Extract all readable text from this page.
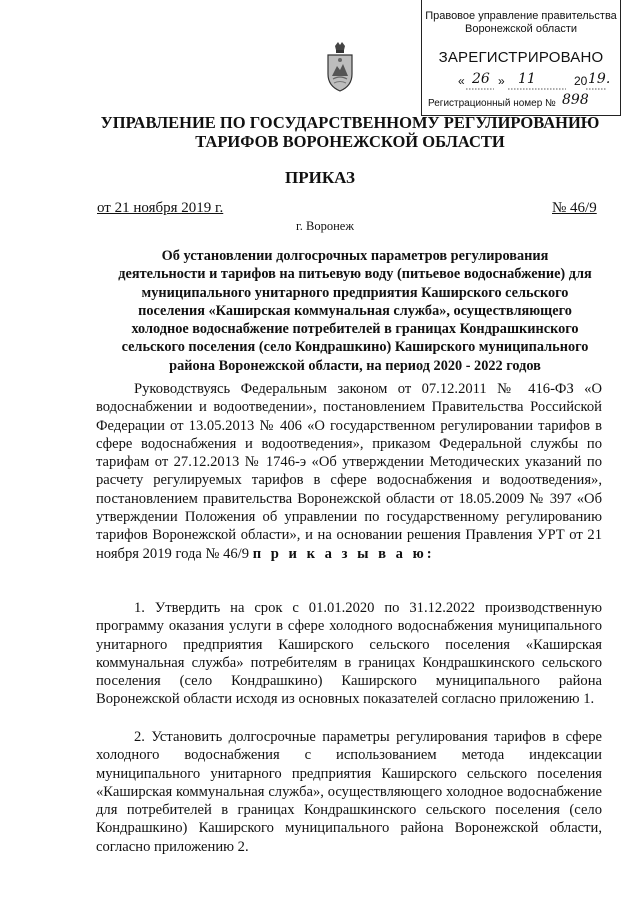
Правовое управление правительства
Воронежской области
ЗАРЕГИСТРИРОВАНО
« 26 » 11	20 19.
Регистрационный номер № 898
УПРАВЛЕНИЕ ПО ГОСУДАРСТВЕННОМУ РЕГУЛИРОВАНИЮ
ТАРИФОВ ВОРОНЕЖСКОЙ ОБЛАСТИ
ПРИКАЗ
от 21 ноября 2019 г.	№ 46/9
г. Воронеж
Об установлении долгосрочных параметров регулирования
деятельности и тарифов на питьевую воду (питьевое водоснабжение) для
муниципального унитарного предприятия Каширского сельского
поселения «Каширская коммунальная служба», осуществляющего
холодное водоснабжение потребителей в границах Кондрашкинского
сельского поселения (село Кондрашкино) Каширского муниципального
района Воронежской области, на период 2020 - 2022 годов
Руководствуясь Федеральным законом от 07.12.2011 № 416-ФЗ «О водоснабжении и водоотведении», постановлением Правительства Российской Федерации от 13.05.2013 № 406 «О государственном регулировании тарифов в сфере водоснабжения и водоотведения», приказом Федеральной службы по тарифам от 27.12.2013 № 1746-э «Об утверждении Методических указаний по расчету регулируемых тарифов в сфере водоснабжения и водоотведения», постановлением правительства Воронежской области от 18.05.2009 № 397 «Об утверждении Положения об управлении по государственному регулированию тарифов Воронежской области», и на основании решения Правления УРТ от 21 ноября 2019 года № 46/9 п р и к а з ы в а ю:
1. Утвердить на срок с 01.01.2020 по 31.12.2022 производственную программу оказания услуги в сфере холодного водоснабжения муниципального унитарного предприятия Каширского сельского поселения «Каширская коммунальная служба» потребителям в границах Кондрашкинского сельского поселения (село Кондрашкино) Каширского муниципального района Воронежской области исходя из основных показателей согласно приложению 1.
2. Установить долгосрочные параметры регулирования тарифов в сфере холодного водоснабжения с использованием метода индексации муниципального унитарного предприятия Каширского сельского поселения «Каширская коммунальная служба», осуществляющего холодное водоснабжение для потребителей в границах Кондрашкинского сельского поселения (село Кондрашкино) Каширского муниципального района Воронежской области, согласно приложению 2.
